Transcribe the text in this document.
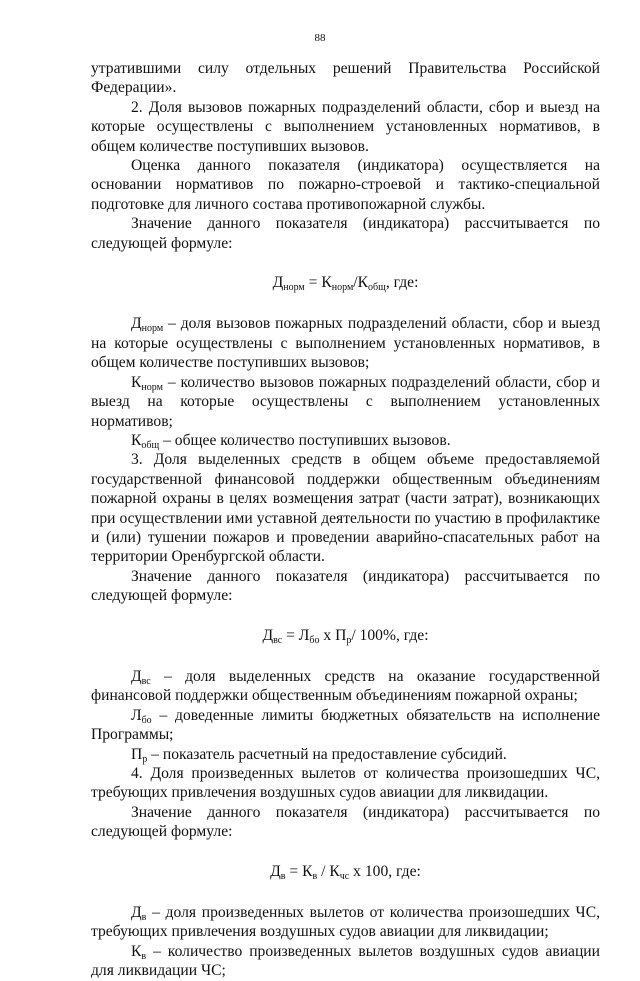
88

утратившими силу отдельных решений Правительства Российской Федерации».

2. Доля вызовов пожарных подразделений области, сбор и выезд на которые осуществлены с выполнением установленных нормативов, в общем количестве поступивших вызовов.

Оценка данного показателя (индикатора) осуществляется на основании нормативов по пожарно-строевой и тактико-специальной подготовке для личного состава противопожарной службы.

Значение данного показателя (индикатора) рассчитывается по следующей формуле:

$Д_{норм} = К_{норм}/К_{общ}$, где:

$Д_{норм}$ – доля вызовов пожарных подразделений области, сбор и выезд на которые осуществлены с выполнением установленных нормативов, в общем количестве поступивших вызовов;

$К_{норм}$ – количество вызовов пожарных подразделений области, сбор и выезд на которые осуществлены с выполнением установленных нормативов;

$К_{общ}$ – общее количество поступивших вызовов.

3. Доля выделенных средств в общем объеме предоставляемой государственной финансовой поддержки общественным объединениям пожарной охраны в целях возмещения затрат (части затрат), возникающих при осуществлении ими уставной деятельности по участию в профилактике и (или) тушении пожаров и проведении аварийно-спасательных работ на территории Оренбургской области.

Значение данного показателя (индикатора) рассчитывается по следующей формуле:

$Д_{вс} = Л_{бо}$ х $П_р/$ 100%, где:

$Д_{вс}$ – доля выделенных средств на оказание государственной финансовой поддержки общественным объединениям пожарной охраны;

$Л_{бо}$ – доведенные лимиты бюджетных обязательств на исполнение Программы;

$П_р$ – показатель расчетный на предоставление субсидий.

4. Доля произведенных вылетов от количества произошедших ЧС, требующих привлечения воздушных судов авиации для ликвидации.

Значение данного показателя (индикатора) рассчитывается по следующей формуле:

$Д_в = К_в / К_{чс}$ х 100, где:

$Д_в$ – доля произведенных вылетов от количества произошедших ЧС, требующих привлечения воздушных судов авиации для ликвидации;

$К_в$ – количество произведенных вылетов воздушных судов авиации для ликвидации ЧС;
